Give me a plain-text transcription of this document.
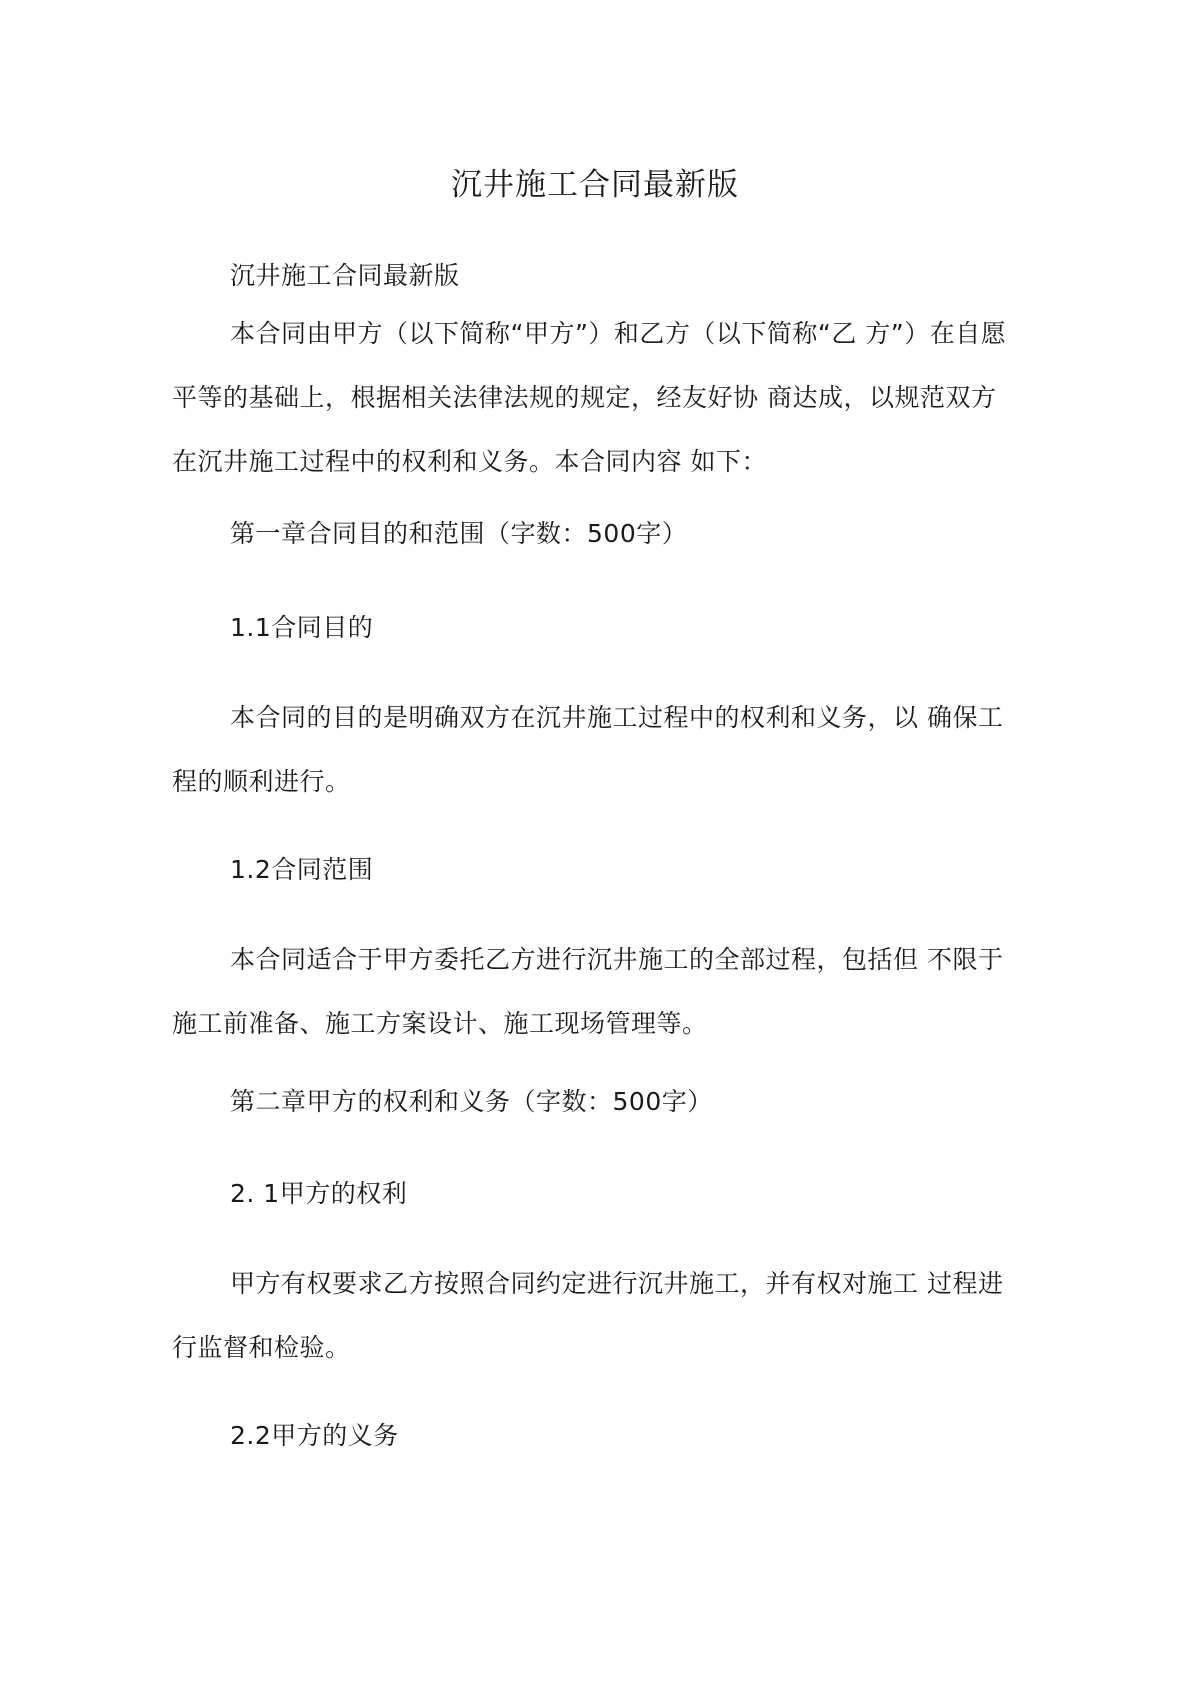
沉井施工合同最新版

沉井施工合同最新版

本合同由甲方（以下简称“甲方”）和乙方（以下简称“乙 方”）在自愿平等的基础上，根据相关法律法规的规定，经友好协 商达成，以规范双方在沉井施工过程中的权利和义务。本合同内容 如下：

第一章合同目的和范围（字数：500字）

1.1合同目的

本合同的目的是明确双方在沉井施工过程中的权利和义务，以 确保工程的顺利进行。

1.2合同范围

本合同适合于甲方委托乙方进行沉井施工的全部过程，包括但 不限于施工前准备、施工方案设计、施工现场管理等。

第二章甲方的权利和义务（字数：500字）

2. 1甲方的权利

甲方有权要求乙方按照合同约定进行沉井施工，并有权对施工 过程进行监督和检验。

2.2甲方的义务
